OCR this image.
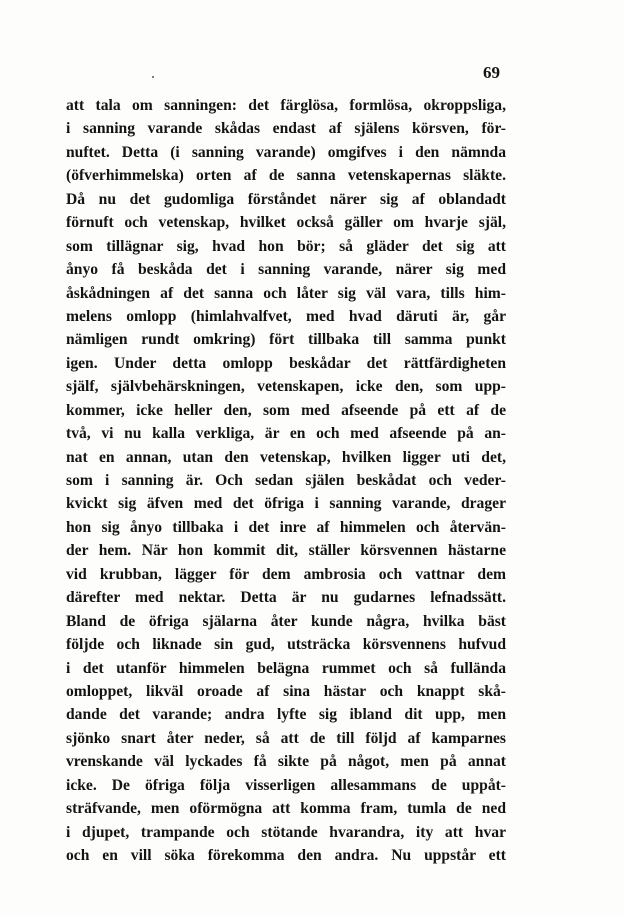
69
att tala om sanningen: det färglösa, formlösa, okroppsliga,
i sanning varande skådas endast af själens körsven, för-
nuftet. Detta (i sanning varande) omgifves i den nämnda
(öfverhimmelska) orten af de sanna vetenskapernas släkte.
Då nu det gudomliga förståndet närer sig af oblandadt
förnuft och vetenskap, hvilket också gäller om hvarje själ,
som tillägnar sig, hvad hon bör; så gläder det sig att
ånyo få beskåda det i sanning varande, närer sig med
åskådningen af det sanna och låter sig väl vara, tills him-
melens omlopp (himlahvalfvet, med hvad däruti är, går
nämligen rundt omkring) fört tillbaka till samma punkt
igen. Under detta omlopp beskådar det rättfärdigheten
själf, självbehärskningen, vetenskapen, icke den, som upp-
kommer, icke heller den, som med afseende på ett af de
två, vi nu kalla verkliga, är en och med afseende på an-
nat en annan, utan den vetenskap, hvilken ligger uti det,
som i sanning är. Och sedan själen beskådat och veder-
kvickt sig äfven med det öfriga i sanning varande, drager
hon sig ånyo tillbaka i det inre af himmelen och återvän-
der hem. När hon kommit dit, ställer körsvennen hästarne
vid krubban, lägger för dem ambrosia och vattnar dem
därefter med nektar. Detta är nu gudarnes lefnadssätt.
Bland de öfriga själarna åter kunde några, hvilka bäst
följde och liknade sin gud, utsträcka körsvennens hufvud
i det utanför himmelen belägna rummet och så fullända
omloppet, likväl oroade af sina hästar och knappt skå-
dande det varande; andra lyfte sig ibland dit upp, men
sjönko snart åter neder, så att de till följd af kamparnes
vrenskande väl lyckades få sikte på något, men på annat
icke. De öfriga följa visserligen allesammans de uppåt-
sträfvande, men oförmögna att komma fram, tumla de ned
i djupet, trampande och stötande hvarandra, ity att hvar
och en vill söka förekomma den andra. Nu uppstår ett
